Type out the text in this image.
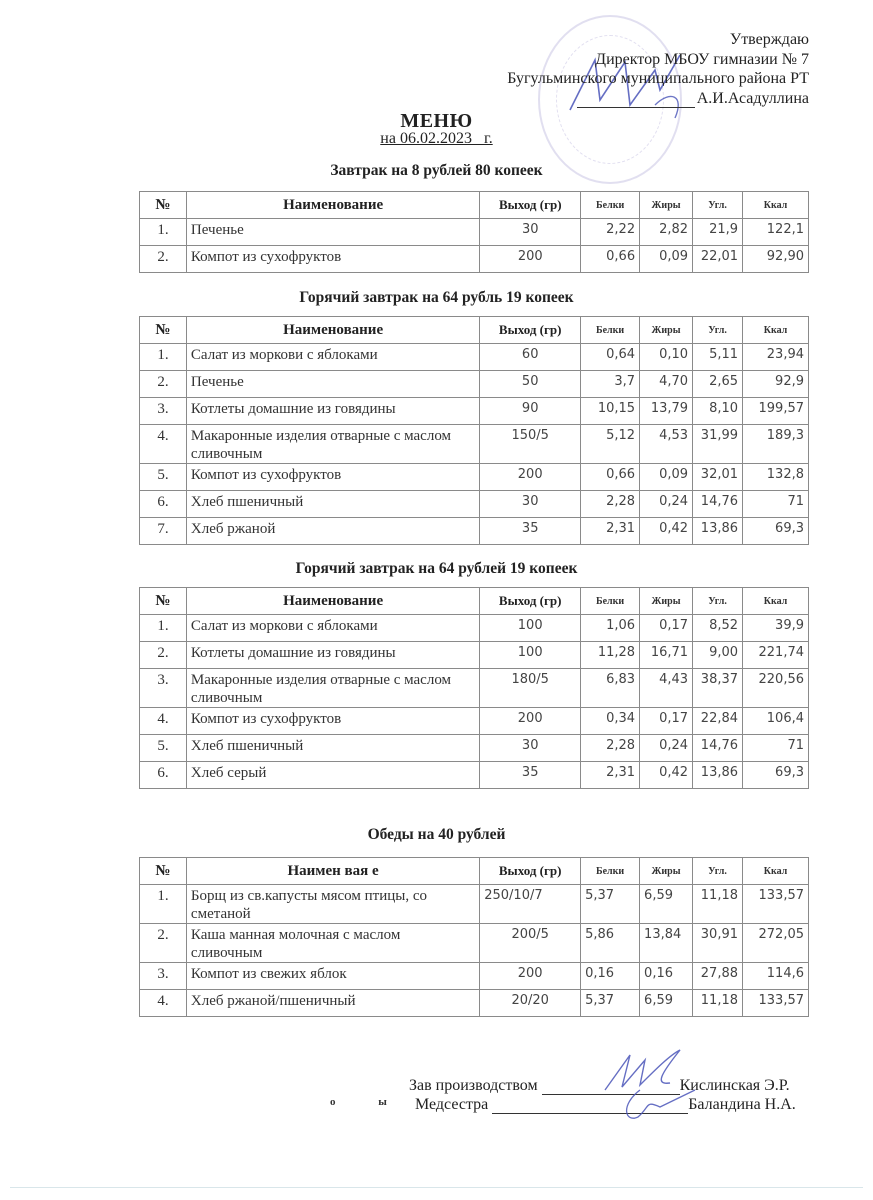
Утверждаю
Директор МБОУ гимназии № 7
Бугульминского муниципального района РТ
А.И.Асадуллина
МЕНЮ
на 06.02.2023_ г.
Завтрак на 8 рублей 80 копеек
№	Наименование	Выход (гр)	Белки	Жиры	Угл.	Ккал
1.	Печенье	30	2,22	2,82	21,9	122,1
2.	Компот из сухофруктов	200	0,66	0,09	22,01	92,90
Горячий завтрак на 64 рубль 19 копеек
№	Наименование	Выход (гр)	Белки	Жиры	Угл.	Ккал
1.	Салат из моркови с яблоками	60	0,64	0,10	5,11	23,94
2.	Печенье	50	3,7	4,70	2,65	92,9
3.	Котлеты домашние из говядины	90	10,15	13,79	8,10	199,57
4.	Макаронные изделия отварные с маслом сливочным	150/5	5,12	4,53	31,99	189,3
5.	Компот из сухофруктов	200	0,66	0,09	32,01	132,8
6.	Хлеб пшеничный	30	2,28	0,24	14,76	71
7.	Хлеб ржаной	35	2,31	0,42	13,86	69,3
Горячий завтрак на 64 рублей 19 копеек
№	Наименование	Выход (гр)	Белки	Жиры	Угл.	Ккал
1.	Салат из моркови с яблоками	100	1,06	0,17	8,52	39,9
2.	Котлеты домашние из говядины	100	11,28	16,71	9,00	221,74
3.	Макаронные изделия отварные с маслом сливочным	180/5	6,83	4,43	38,37	220,56
4.	Компот из сухофруктов	200	0,34	0,17	22,84	106,4
5.	Хлеб пшеничный	30	2,28	0,24	14,76	71
6.	Хлеб серый	35	2,31	0,42	13,86	69,3
Обеды на 40 рублей
№	Наимен вая е	Выход (гр)	Белки	Жиры	Угл.	Ккал
1.	Борщ из св.капусты мясом птицы, со сметаной	250/10/7	5,37	6,59	11,18	133,57
2.	Каша манная молочная с маслом сливочным	200/5	5,86	13,84	30,91	272,05
3.	Компот из свежих яблок	200	0,16	0,16	27,88	114,6
4.	Хлеб ржаной/пшеничный	20/20	5,37	6,59	11,18	133,57
о ы
Зав производством	Кислинская Э.Р.
Медсестра	Баландина Н.А.
